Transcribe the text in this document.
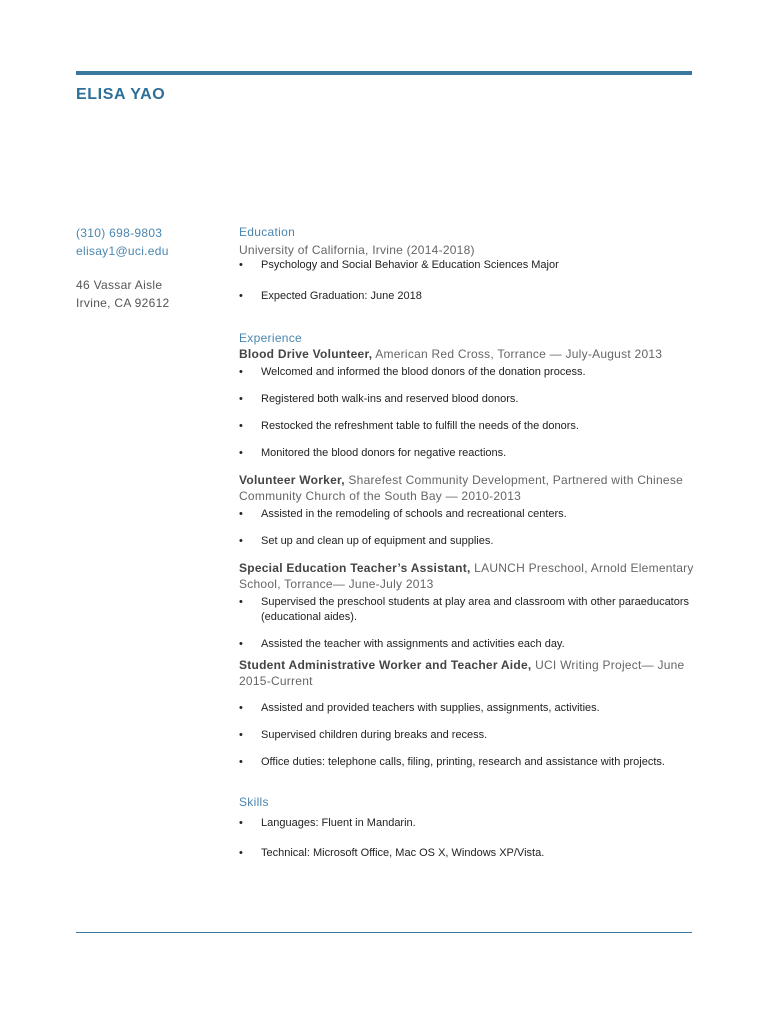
ELISA YAO
(310) 698-9803
elisay1@uci.edu
46 Vassar Aisle
Irvine, CA 92612
Education
University of California, Irvine (2014-2018)
• Psychology and Social Behavior & Education Sciences Major
• Expected Graduation: June 2018
Experience
Blood Drive Volunteer, American Red Cross, Torrance — July-August 2013
• Welcomed and informed the blood donors of the donation process.
• Registered both walk-ins and reserved blood donors.
• Restocked the refreshment table to fulfill the needs of the donors.
• Monitored the blood donors for negative reactions.
Volunteer Worker, Sharefest Community Development, Partnered with Chinese Community Church of the South Bay — 2010-2013
• Assisted in the remodeling of schools and recreational centers.
• Set up and clean up of equipment and supplies.
Special Education Teacher’s Assistant, LAUNCH Preschool, Arnold Elementary School, Torrance— June-July 2013
• Supervised the preschool students at play area and classroom with other paraeducators (educational aides).
• Assisted the teacher with assignments and activities each day.
Student Administrative Worker and Teacher Aide, UCI Writing Project— June 2015-Current
• Assisted and provided teachers with supplies, assignments, activities.
• Supervised children during breaks and recess.
• Office duties: telephone calls, filing, printing, research and assistance with projects.
Skills
• Languages: Fluent in Mandarin.
• Technical: Microsoft Office, Mac OS X, Windows XP/Vista.
